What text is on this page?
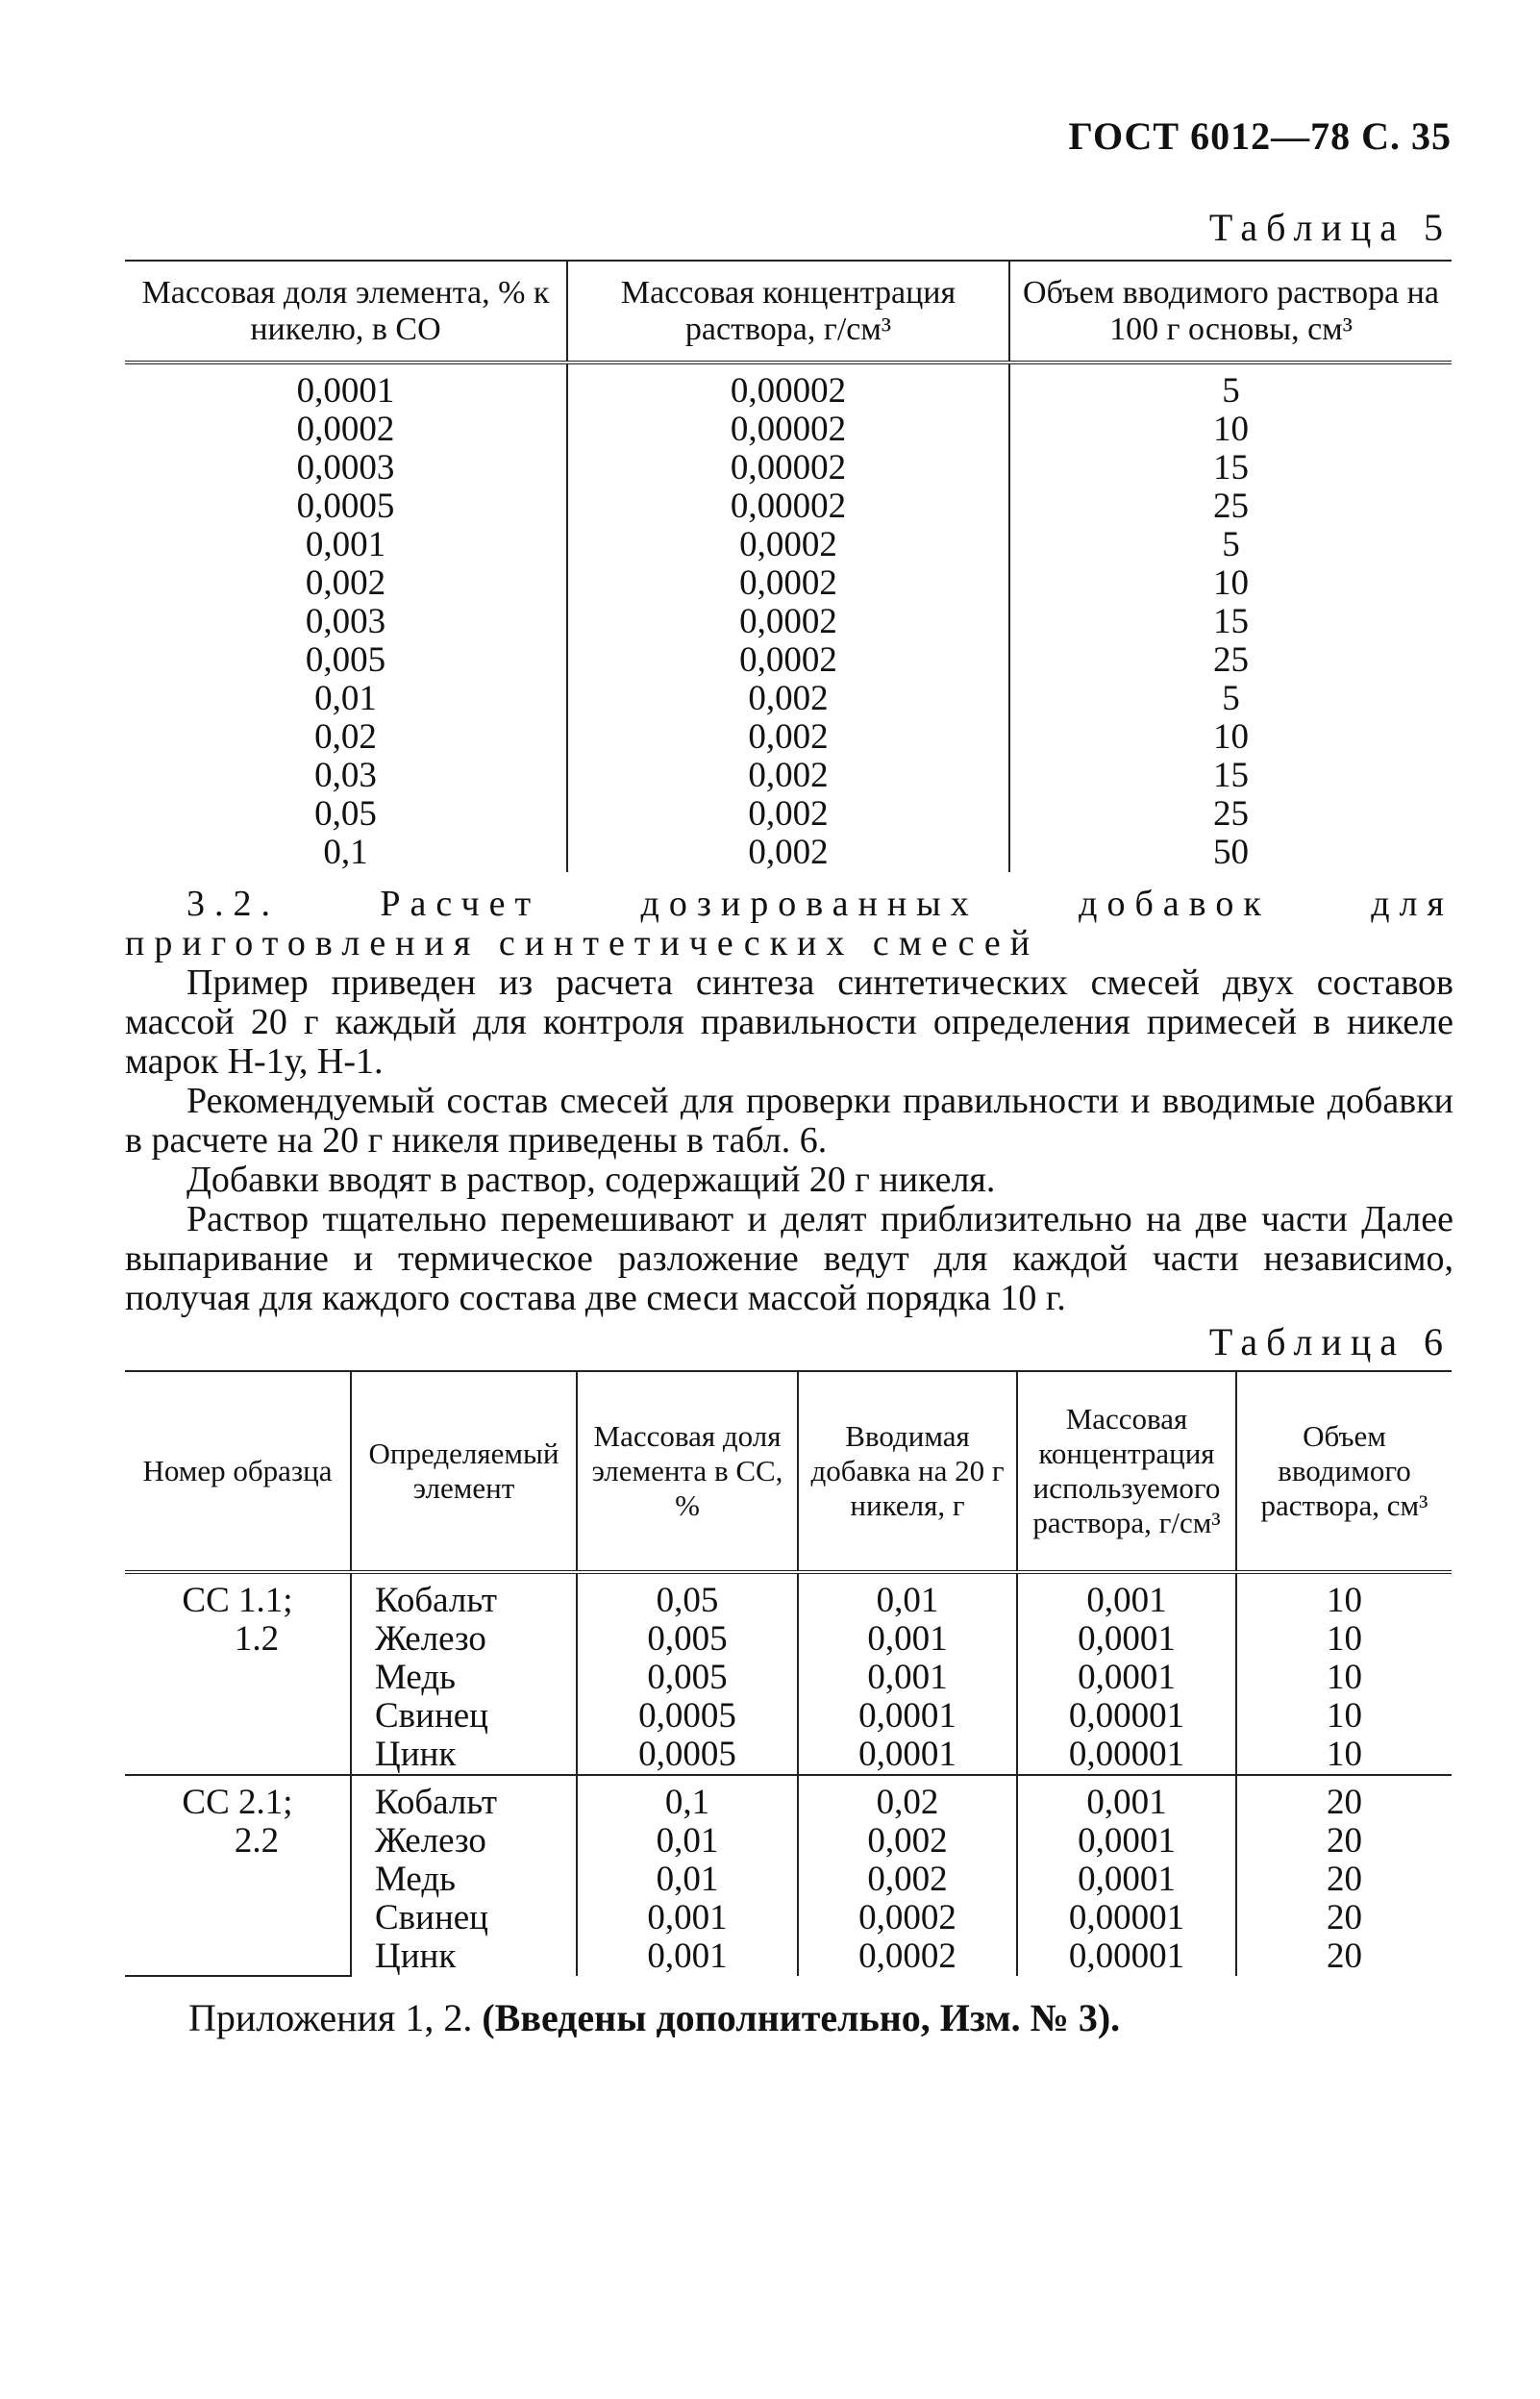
ГОСТ 6012—78 С. 35
Таблица 5
Массовая доля элемента, % к никелю, в СО	Массовая концентрация раствора, г/см³	Объем вводимого раствора на 100 г основы, см³
0,0001	0,00002	5
0,0002	0,00002	10
0,0003	0,00002	15
0,0005	0,00002	25
0,001	0,0002	5
0,002	0,0002	10
0,003	0,0002	15
0,005	0,0002	25
0,01	0,002	5
0,02	0,002	10
0,03	0,002	15
0,05	0,002	25
0,1	0,002	50

3.2. Расчет дозированных добавок для приготовления синтетических смесей

Пример приведен из расчета синтеза синтетических смесей двух составов массой 20 г каждый для контроля правильности определения примесей в никеле марок Н-1у, Н-1.

Рекомендуемый состав смесей для проверки правильности и вводимые добавки в расчете на 20 г никеля приведены в табл. 6.

Добавки вводят в раствор, содержащий 20 г никеля.

Раствор тщательно перемешивают и делят приблизительно на две части Далее выпаривание и термическое разложение ведут для каждой части независимо, получая для каждого состава две смеси массой порядка 10 г.

Таблица 6
Номер образца	Определяемый элемент	Массовая доля элемента в СС, %	Вводимая добавка на 20 г никеля, г	Массовая концентрация используемого раствора, г/см³	Объем вводимого раствора, см³

СС 1.1;
1.2	Кобальт	0,05	0,01	0,001	10
	Железо	0,005	0,001	0,0001	10
	Медь	0,005	0,001	0,0001	10
	Свинец	0,0005	0,0001	0,00001	10
	Цинк	0,0005	0,0001	0,00001	10

СС 2.1;
2.2	Кобальт	0,1	0,02	0,001	20
	Железо	0,01	0,002	0,0001	20
	Медь	0,01	0,002	0,0001	20
	Свинец	0,001	0,0002	0,00001	20
	Цинк	0,001	0,0002	0,00001	20
Приложения 1, 2. (Введены дополнительно, Изм. № 3).
